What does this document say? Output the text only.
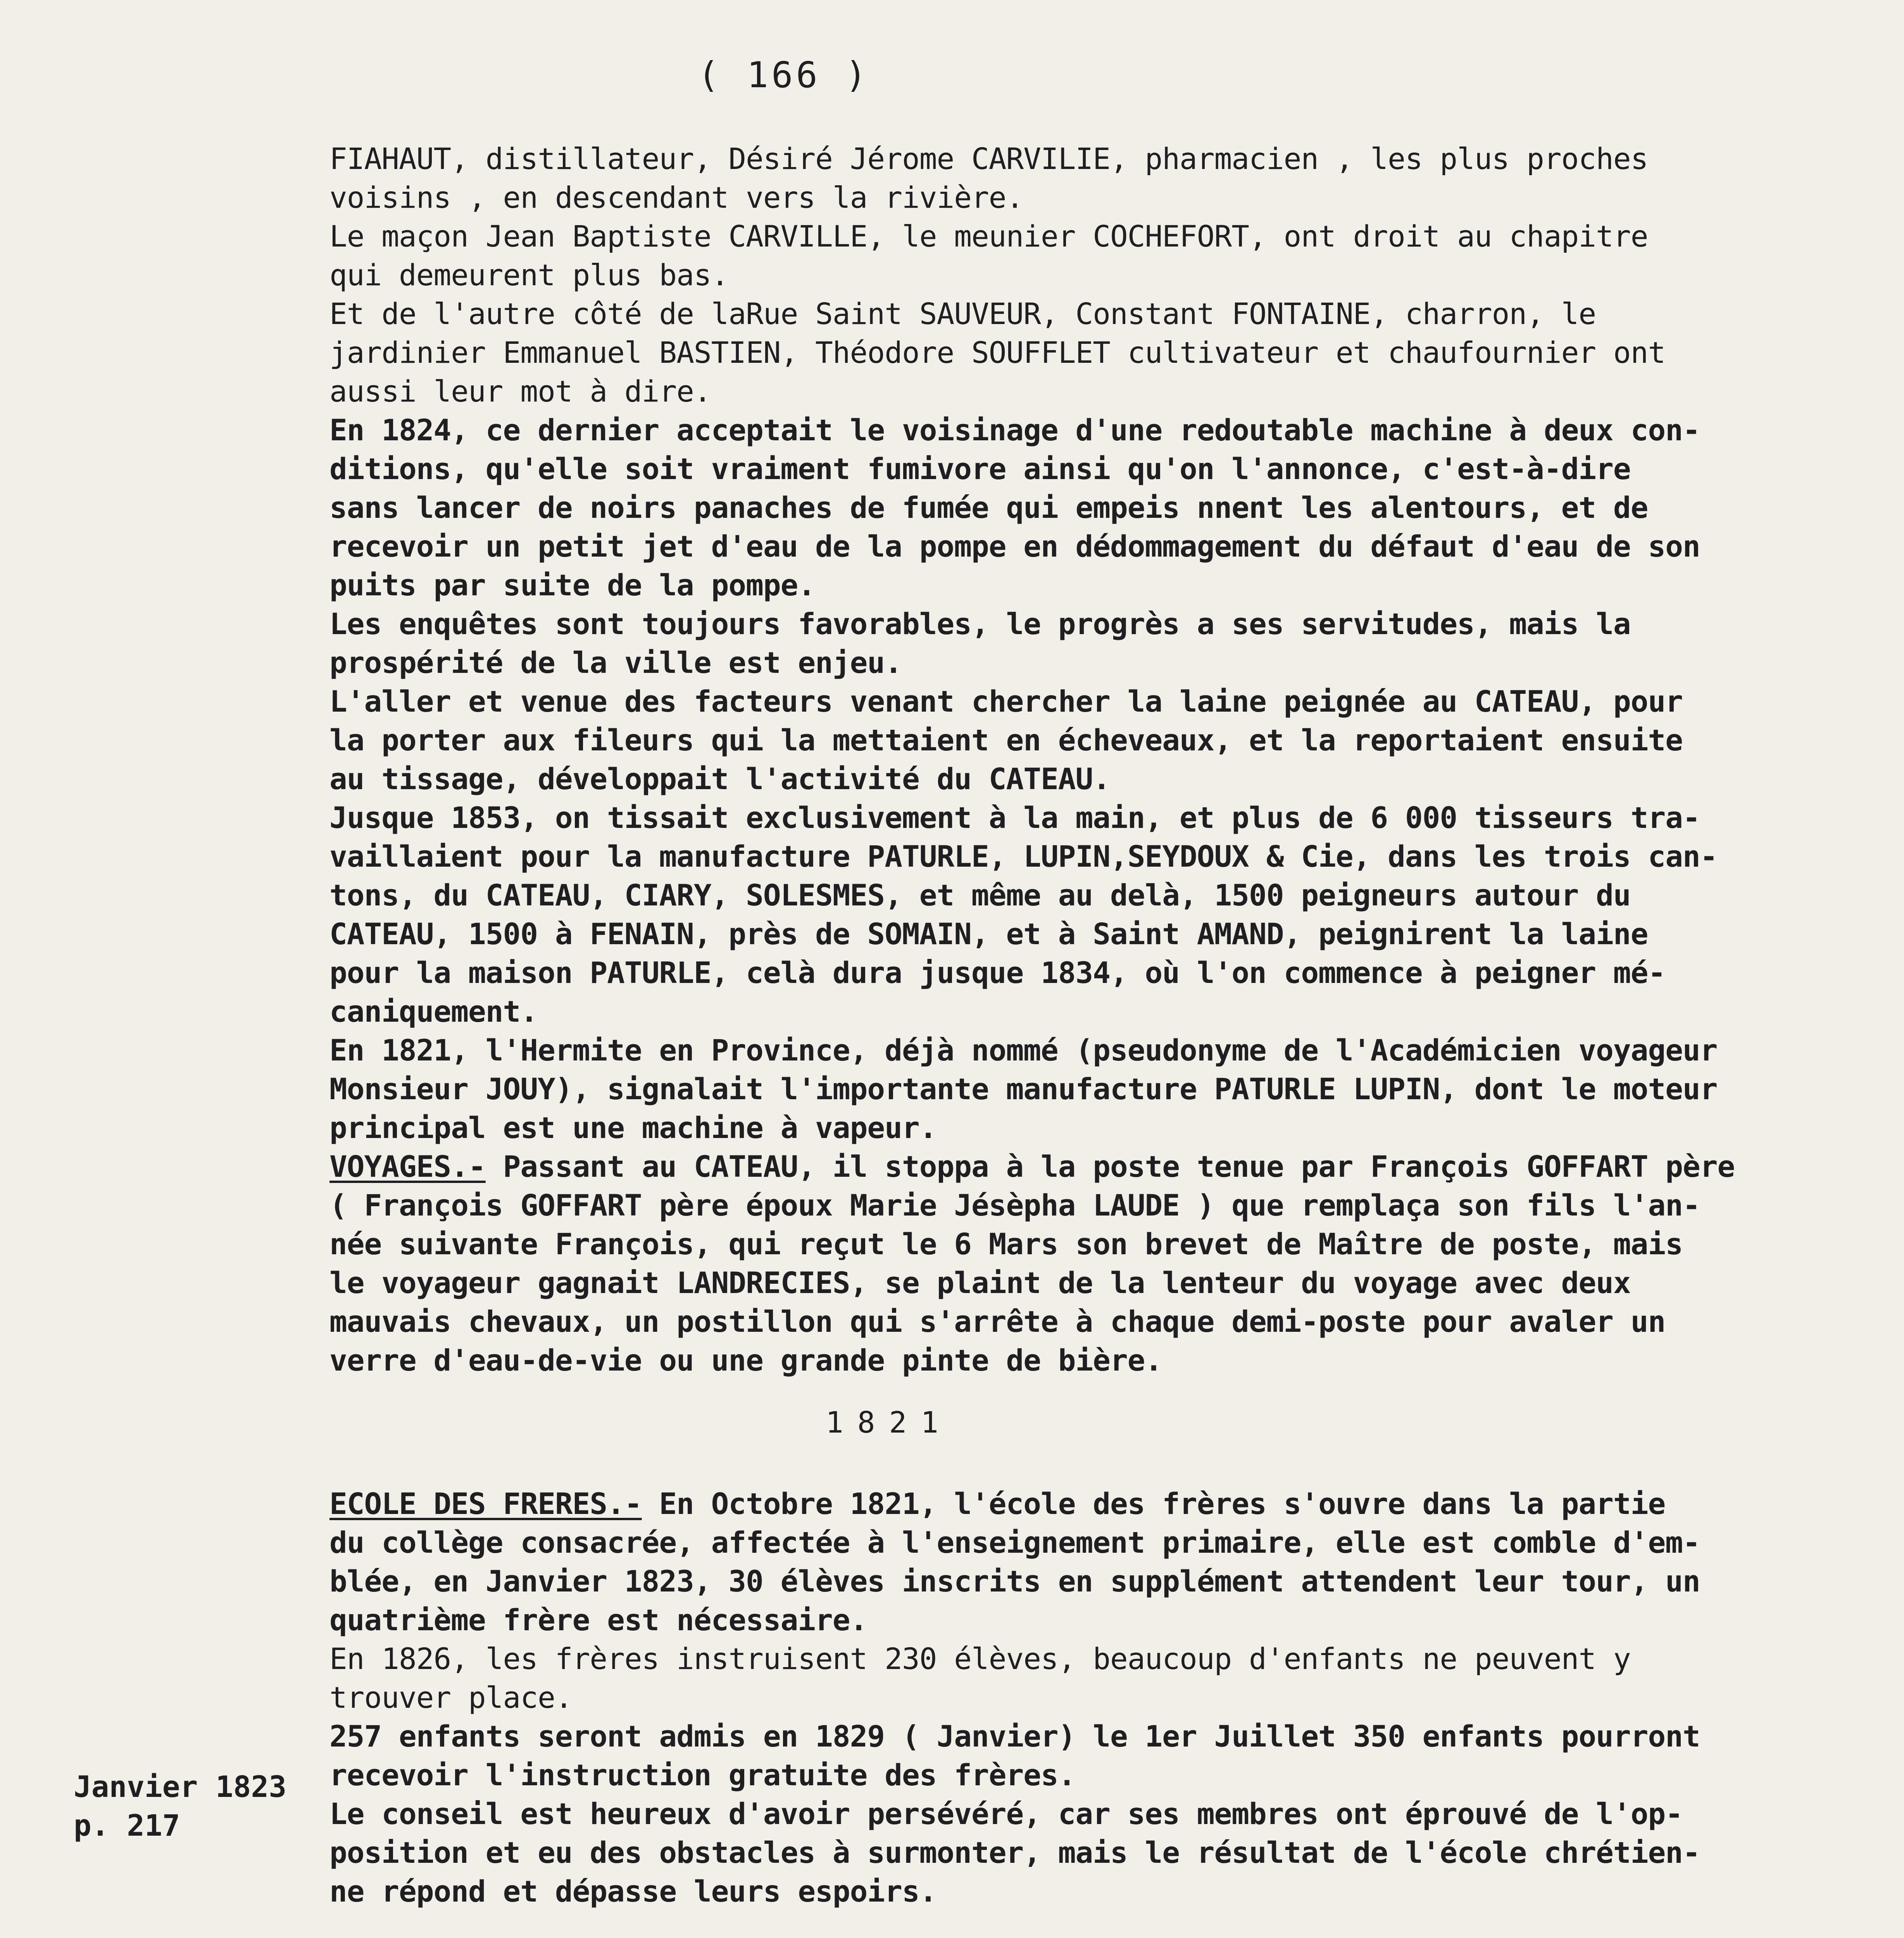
( 166 )
FIAHAUT, distillateur, Désiré Jérome CARVILIE, pharmacien , les plus proches
voisins , en descendant vers la rivière.
Le maçon Jean Baptiste CARVILLE, le meunier COCHEFORT, ont droit au chapitre
qui demeurent plus bas.
Et de l'autre côté de laRue Saint SAUVEUR, Constant FONTAINE, charron, le
jardinier Emmanuel BASTIEN, Théodore SOUFFLET cultivateur et chaufournier ont
aussi leur mot à dire.
En 1824, ce dernier acceptait le voisinage d'une redoutable machine à deux con-
ditions, qu'elle soit vraiment fumivore ainsi qu'on l'annonce, c'est-à-dire
sans lancer de noirs panaches de fumée qui empeis nnent les alentours, et de
recevoir un petit jet d'eau de la pompe en dédommagement du défaut d'eau de son
puits par suite de la pompe.
Les enquêtes sont toujours favorables, le progrès a ses servitudes, mais la
prospérité de la ville est enjeu.
L'aller et venue des facteurs venant chercher la laine peignée au CATEAU, pour
la porter aux fileurs qui la mettaient en écheveaux, et la reportaient ensuite
au tissage, développait l'activité du CATEAU.
Jusque 1853, on tissait exclusivement à la main, et plus de 6 000 tisseurs tra-
vaillaient pour la manufacture PATURLE, LUPIN,SEYDOUX & Cie, dans les trois can-
tons, du CATEAU, CIARY, SOLESMES, et même au delà, 1500 peigneurs autour du
CATEAU, 1500 à FENAIN, près de SOMAIN, et à Saint AMAND, peignirent la laine
pour la maison PATURLE, celà dura jusque 1834, où l'on commence à peigner mé-
caniquement.
En 1821, l'Hermite en Province, déjà nommé (pseudonyme de l'Académicien voyageur
Monsieur JOUY), signalait l'importante manufacture PATURLE LUPIN, dont le moteur
principal est une machine à vapeur.
VOYAGES.- Passant au CATEAU, il stoppa à la poste tenue par François GOFFART père
( François GOFFART père époux Marie Jésèpha LAUDE ) que remplaça son fils l'an-
née suivante François, qui reçut le 6 Mars son brevet de Maître de poste, mais
le voyageur gagnait LANDRECIES, se plaint de la lenteur du voyage avec deux
mauvais chevaux, un postillon qui s'arrête à chaque demi-poste pour avaler un
verre d'eau-de-vie ou une grande pinte de bière.
1821
ECOLE DES FRERES.- En Octobre 1821, l'école des frères s'ouvre dans la partie
du collège consacrée, affectée à l'enseignement primaire, elle est comble d'em-
blée, en Janvier 1823, 30 élèves inscrits en supplément attendent leur tour, un
quatrième frère est nécessaire.
En 1826, les frères instruisent 230 élèves, beaucoup d'enfants ne peuvent y
trouver place.
257 enfants seront admis en 1829 ( Janvier) le 1er Juillet 350 enfants pourront
recevoir l'instruction gratuite des frères.
Le conseil est heureux d'avoir persévéré, car ses membres ont éprouvé de l'op-
position et eu des obstacles à surmonter, mais le résultat de l'école chrétien-
ne répond et dépasse leurs espoirs.
Janvier 1823
p. 217
